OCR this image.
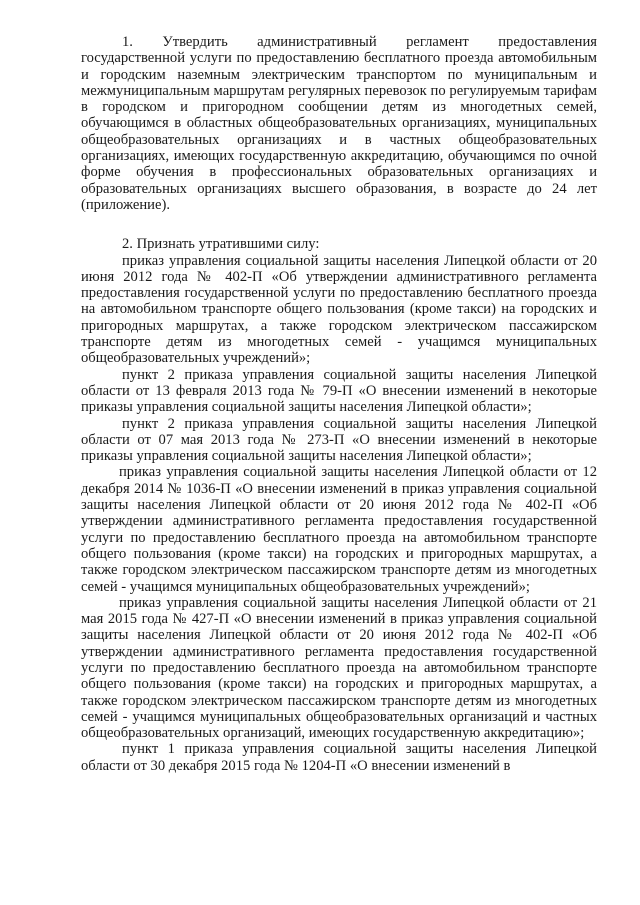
1. Утвердить административный регламент предоставления государственной услуги по предоставлению бесплатного проезда автомобильным и городским наземным электрическим транспортом по муниципальным и межмуниципальным маршрутам регулярных перевозок по регулируемым тарифам в городском и пригородном сообщении детям из многодетных семей, обучающимся в областных общеобразовательных организациях, муниципальных общеобразовательных организациях и в частных общеобразовательных организациях, имеющих государственную аккредитацию, обучающимся по очной форме обучения в профессиональных образовательных организациях и образовательных организациях высшего образования, в возрасте до 24 лет (приложение).

2. Признать утратившими силу:

приказ управления социальной защиты населения Липецкой области от 20 июня 2012 года № 402-П «Об утверждении административного регламента предоставления государственной услуги по предоставлению бесплатного проезда на автомобильном транспорте общего пользования (кроме такси) на городских и пригородных маршрутах, а также городском электрическом пассажирском транспорте детям из многодетных семей - учащимся муниципальных общеобразовательных учреждений»;

пункт 2 приказа управления социальной защиты населения Липецкой области от 13 февраля 2013 года № 79-П «О внесении изменений в некоторые приказы управления социальной защиты населения Липецкой области»;

пункт 2 приказа управления социальной защиты населения Липецкой области от 07 мая 2013 года № 273-П «О внесении изменений в некоторые приказы управления социальной защиты населения Липецкой области»;

приказ управления социальной защиты населения Липецкой области от 12 декабря 2014 № 1036-П «О внесении изменений в приказ управления социальной защиты населения Липецкой области от 20 июня 2012 года № 402-П «Об утверждении административного регламента предоставления государственной услуги по предоставлению бесплатного проезда на автомобильном транспорте общего пользования (кроме такси) на городских и пригородных маршрутах, а также городском электрическом пассажирском транспорте детям из многодетных семей - учащимся муниципальных общеобразовательных учреждений»;

приказ управления социальной защиты населения Липецкой области от 21 мая 2015 года № 427-П «О внесении изменений в приказ управления социальной защиты населения Липецкой области от 20 июня 2012 года № 402-П «Об утверждении административного регламента предоставления государственной услуги по предоставлению бесплатного проезда на автомобильном транспорте общего пользования (кроме такси) на городских и пригородных маршрутах, а также городском электрическом пассажирском транспорте детям из многодетных семей - учащимся муниципальных общеобразовательных организаций и частных общеобразовательных организаций, имеющих государственную аккредитацию»;

пункт 1 приказа управления социальной защиты населения Липецкой области от 30 декабря 2015 года № 1204-П «О внесении изменений в
